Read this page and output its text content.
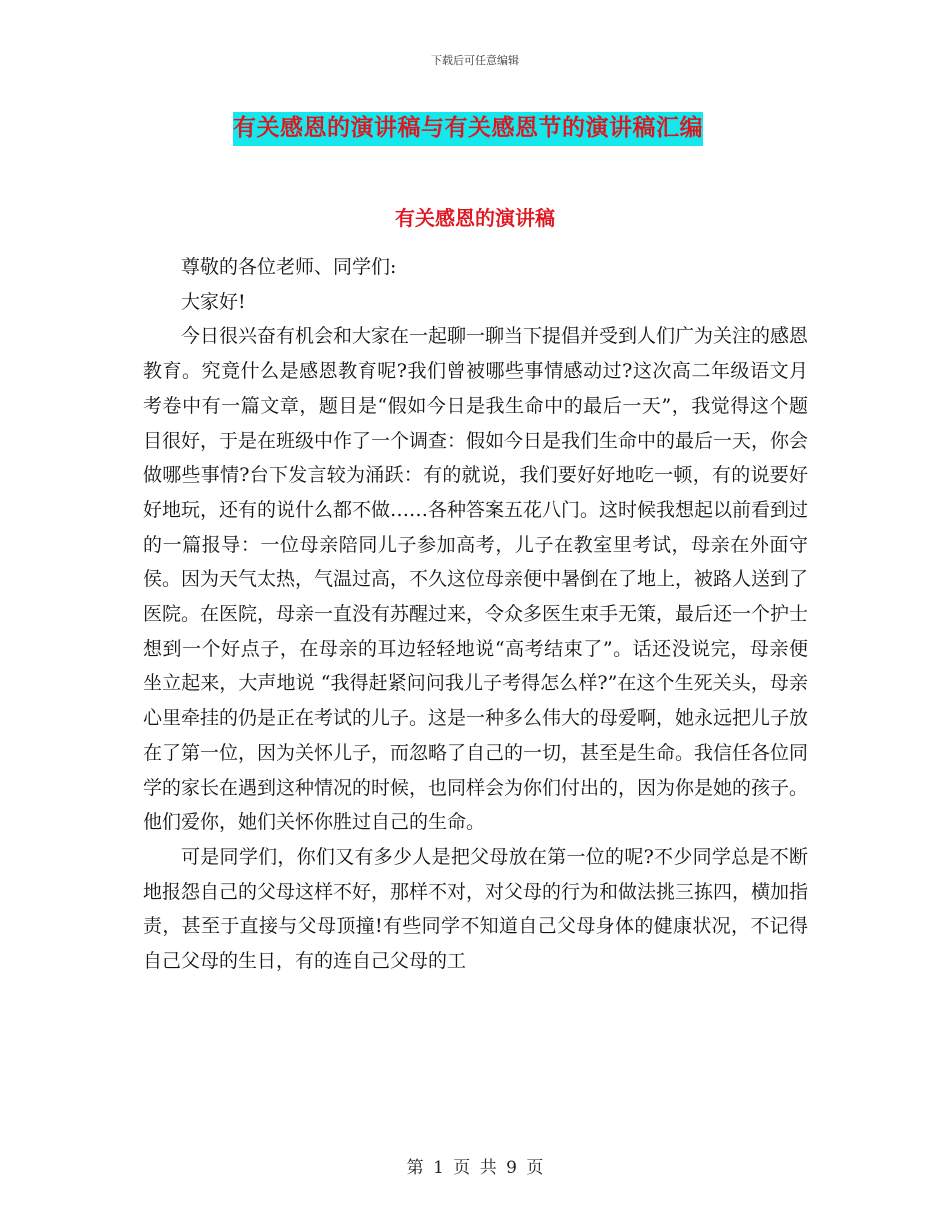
下载后可任意编辑
有关感恩的演讲稿与有关感恩节的演讲稿汇编
有关感恩的演讲稿

尊敬的各位老师、同学们:

大家好!

今日很兴奋有机会和大家在一起聊一聊当下提倡并受到人们广为关注的感恩教育。究竟什么是感恩教育呢?我们曾被哪些事情感动过?这次高二年级语文月考卷中有一篇文章，题目是“假如今日是我生命中的最后一天”，我觉得这个题目很好，于是在班级中作了一个调查：假如今日是我们生命中的最后一天，你会做哪些事情?台下发言较为涌跃：有的就说，我们要好好地吃一顿，有的说要好好地玩，还有的说什么都不做……各种答案五花八门。这时候我想起以前看到过的一篇报导：一位母亲陪同儿子参加高考，儿子在教室里考试，母亲在外面守侯。因为天气太热，气温过高，不久这位母亲便中暑倒在了地上，被路人送到了医院。在医院，母亲一直没有苏醒过来，令众多医生束手无策，最后还一个护士想到一个好点子，在母亲的耳边轻轻地说“高考结束了”。话还没说完，母亲便坐立起来，大声地说 “我得赶紧问问我儿子考得怎么样?”在这个生死关头，母亲心里牵挂的仍是正在考试的儿子。这是一种多么伟大的母爱啊，她永远把儿子放在了第一位，因为关怀儿子，而忽略了自己的一切，甚至是生命。我信任各位同学的家长在遇到这种情况的时候，也同样会为你们付出的，因为你是她的孩子。他们爱你，她们关怀你胜过自己的生命。

可是同学们，你们又有多少人是把父母放在第一位的呢?不少同学总是不断地报怨自己的父母这样不好，那样不对，对父母的行为和做法挑三拣四，横加指责，甚至于直接与父母顶撞!有些同学不知道自己父母身体的健康状况，不记得自己父母的生日，有的连自己父母的工

第 1 页 共 9 页
